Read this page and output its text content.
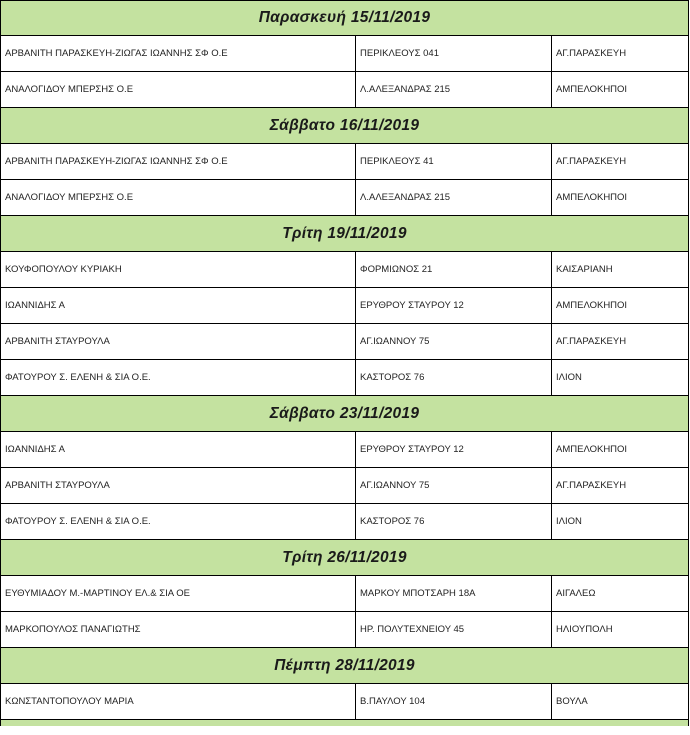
Παρασκευή 15/11/2019
ΑΡΒΑΝΙΤΗ ΠΑΡΑΣΚΕΥΗ-ΖΙΩΓΑΣ ΙΩΑΝΝΗΣ ΣΦ Ο.Ε	ΠΕΡΙΚΛΕΟΥΣ 041	ΑΓ.ΠΑΡΑΣΚΕΥΗ
ΑΝΑΛΟΓΙΔΟΥ ΜΠΕΡΣΗΣ Ο.Ε	Λ.ΑΛΕΞΑΝΔΡΑΣ 215	ΑΜΠΕΛΟΚΗΠΟΙ
Σάββατο 16/11/2019
ΑΡΒΑΝΙΤΗ ΠΑΡΑΣΚΕΥΗ-ΖΙΩΓΑΣ ΙΩΑΝΝΗΣ ΣΦ Ο.Ε	ΠΕΡΙΚΛΕΟΥΣ 41	ΑΓ.ΠΑΡΑΣΚΕΥΗ
ΑΝΑΛΟΓΙΔΟΥ ΜΠΕΡΣΗΣ Ο.Ε	Λ.ΑΛΕΞΑΝΔΡΑΣ 215	ΑΜΠΕΛΟΚΗΠΟΙ
Τρίτη 19/11/2019
ΚΟΥΦΟΠΟΥΛΟΥ ΚΥΡΙΑΚΗ	ΦΟΡΜΙΩΝΟΣ 21	ΚΑΙΣΑΡΙΑΝΗ
ΙΩΑΝΝΙΔΗΣ Α	ΕΡΥΘΡΟΥ ΣΤΑΥΡΟΥ 12	ΑΜΠΕΛΟΚΗΠΟΙ
ΑΡΒΑΝΙΤΗ ΣΤΑΥΡΟΥΛΑ	ΑΓ.ΙΩΑΝΝΟΥ 75	ΑΓ.ΠΑΡΑΣΚΕΥΗ
ΦΑΤΟΥΡΟΥ Σ. ΕΛΕΝΗ & ΣΙΑ Ο.Ε.	ΚΑΣΤΟΡΟΣ 76	ΙΛΙΟΝ
Σάββατο 23/11/2019
ΙΩΑΝΝΙΔΗΣ Α	ΕΡΥΘΡΟΥ ΣΤΑΥΡΟΥ 12	ΑΜΠΕΛΟΚΗΠΟΙ
ΑΡΒΑΝΙΤΗ ΣΤΑΥΡΟΥΛΑ	ΑΓ.ΙΩΑΝΝΟΥ 75	ΑΓ.ΠΑΡΑΣΚΕΥΗ
ΦΑΤΟΥΡΟΥ Σ. ΕΛΕΝΗ & ΣΙΑ Ο.Ε.	ΚΑΣΤΟΡΟΣ 76	ΙΛΙΟΝ
Τρίτη 26/11/2019
ΕΥΘΥΜΙΑΔΟΥ Μ.-ΜΑΡΤΙΝΟΥ ΕΛ.& ΣΙΑ ΟΕ	ΜΑΡΚΟΥ ΜΠΟΤΣΑΡΗ 18Α	ΑΙΓΑΛΕΩ
ΜΑΡΚΟΠΟΥΛΟΣ ΠΑΝΑΓΙΩΤΗΣ	ΗΡ. ΠΟΛΥΤΕΧΝΕΙΟΥ 45	ΗΛΙΟΥΠΟΛΗ
Πέμπτη 28/11/2019
ΚΩΝΣΤΑΝΤΟΠΟΥΛΟΥ ΜΑΡΙΑ	Β.ΠΑΥΛΟΥ 104	ΒΟΥΛΑ
